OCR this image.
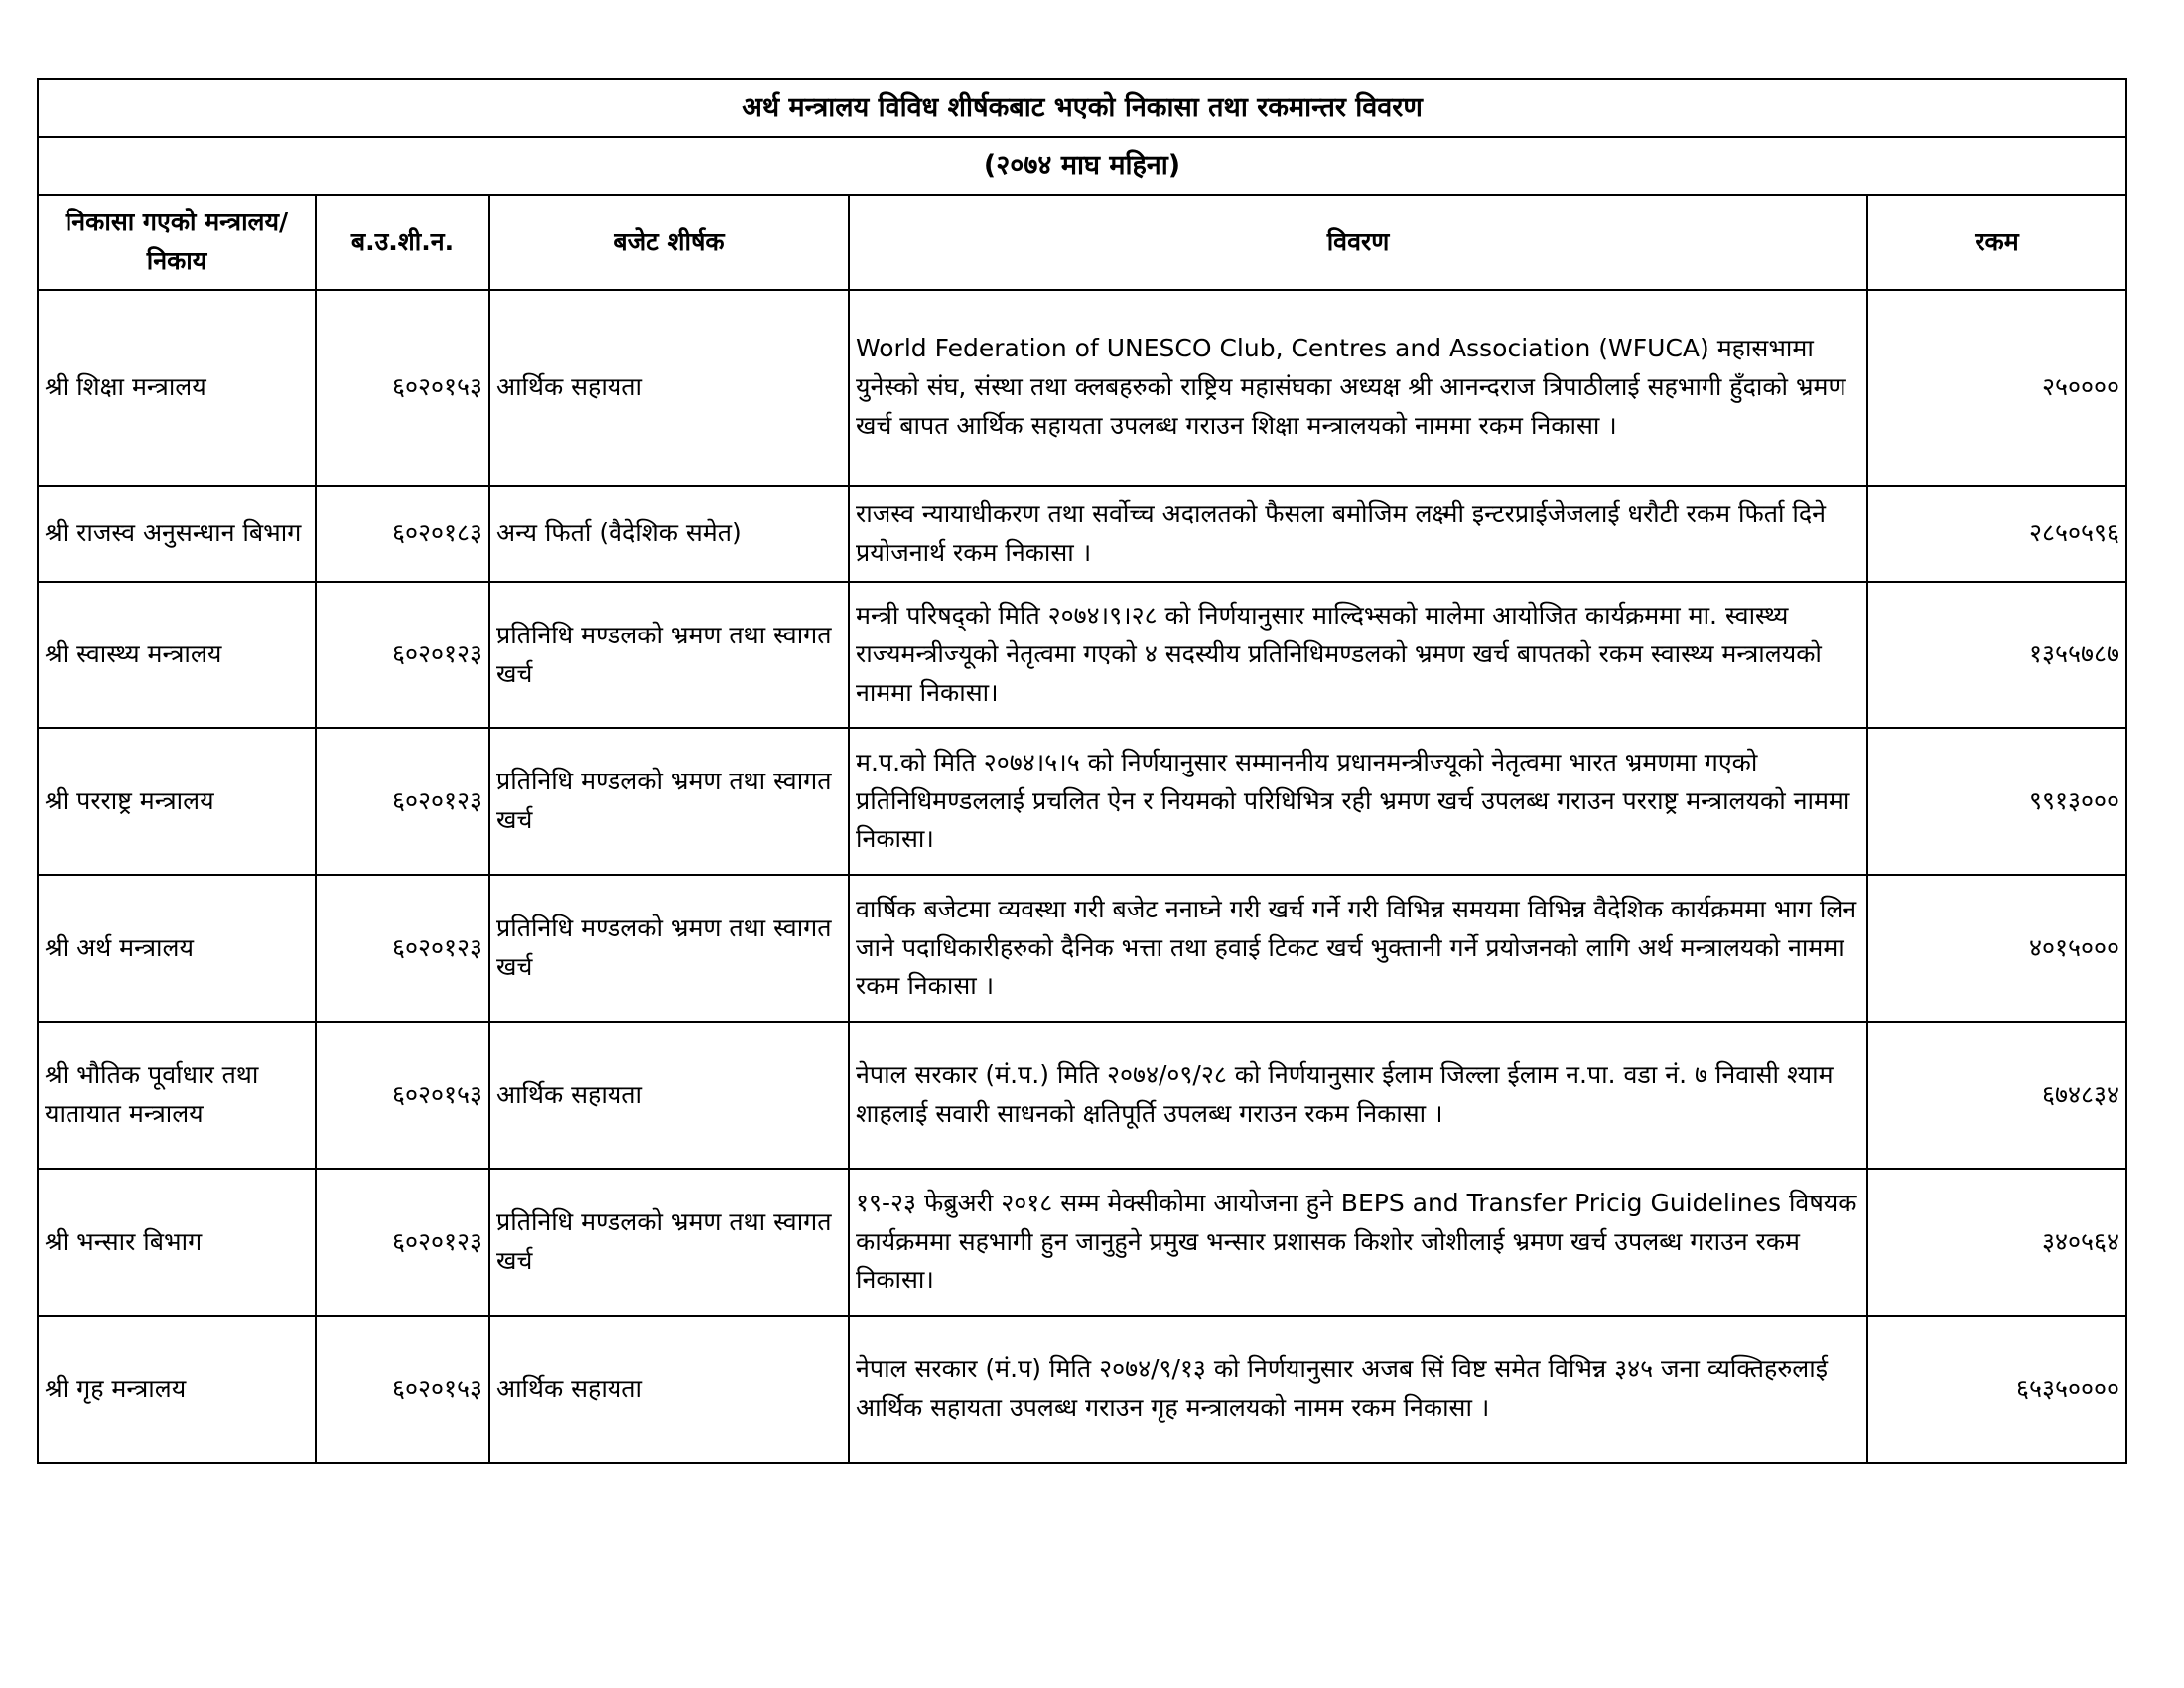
अर्थ मन्त्रालय विविध शीर्षकबाट भएको निकासा तथा रकमान्तर विवरण				
(२०७४ माघ महिना)				
निकासा गएको मन्त्रालय/निकाय	ब.उ.शी.न.	बजेट शीर्षक	विवरण	रकम
श्री शिक्षा मन्त्रालय	६०२०१५३	आर्थिक सहायता	World Federation of UNESCO Club, Centres and Association (WFUCA) महासभामा युनेस्को संघ, संस्था तथा क्लबहरुको राष्ट्रिय महासंघका अध्यक्ष श्री आनन्दराज त्रिपाठीलाई सहभागी हुँदाको भ्रमण खर्च बापत आर्थिक सहायता उपलब्ध गराउन शिक्षा मन्त्रालयको नाममा रकम निकासा ।	२५००००
श्री राजस्व अनुसन्धान बिभाग	६०२०१८३	अन्य फिर्ता (वैदेशिक समेत)	राजस्व न्यायाधीकरण तथा सर्वोच्च अदालतको फैसला बमोजिम लक्ष्मी इन्टरप्राईजेजलाई धरौटी रकम फिर्ता दिने प्रयोजनार्थ रकम निकासा ।	२८५०५९६
श्री स्वास्थ्य मन्त्रालय	६०२०१२३	प्रतिनिधि मण्डलको भ्रमण तथा स्वागत खर्च	मन्त्री परिषद्को मिति २०७४।९।२८ को निर्णयानुसार माल्दिभ्सको मालेमा आयोजित कार्यक्रममा मा. स्वास्थ्य राज्यमन्त्रीज्यूको नेतृत्वमा गएको ४ सदस्यीय प्रतिनिधिमण्डलको भ्रमण खर्च बापतको रकम स्वास्थ्य मन्त्रालयको नाममा निकासा।	१३५५७८७
श्री परराष्ट्र मन्त्रालय	६०२०१२३	प्रतिनिधि मण्डलको भ्रमण तथा स्वागत खर्च	म.प.को मिति २०७४।५।५ को निर्णयानुसार सम्माननीय प्रधानमन्त्रीज्यूको नेतृत्वमा भारत भ्रमणमा गएको प्रतिनिधिमण्डललाई प्रचलित ऐन र नियमको परिधिभित्र रही भ्रमण खर्च उपलब्ध गराउन परराष्ट्र मन्त्रालयको नाममा निकासा।	९९१३०००
श्री अर्थ मन्त्रालय	६०२०१२३	प्रतिनिधि मण्डलको भ्रमण तथा स्वागत खर्च	वार्षिक बजेटमा व्यवस्था गरी बजेट ननाघ्ने गरी खर्च गर्ने गरी विभिन्न समयमा विभिन्न वैदेशिक कार्यक्रममा भाग लिन जाने पदाधिकारीहरुको दैनिक भत्ता तथा हवाई टिकट खर्च भुक्तानी गर्ने प्रयोजनको लागि अर्थ मन्त्रालयको नाममा रकम निकासा ।	४०१५०००
श्री भौतिक पूर्वाधार तथा यातायात मन्त्रालय	६०२०१५३	आर्थिक सहायता	नेपाल सरकार (मं.प.) मिति २०७४/०९/२८ को निर्णयानुसार ईलाम जिल्ला ईलाम न.पा. वडा नं. ७ निवासी श्याम शाहलाई सवारी साधनको क्षतिपूर्ति उपलब्ध गराउन रकम निकासा ।	६७४८३४
श्री भन्सार बिभाग	६०२०१२३	प्रतिनिधि मण्डलको भ्रमण तथा स्वागत खर्च	१९-२३ फेब्रुअरी २०१८ सम्म मेक्सीकोमा आयोजना हुने BEPS and Transfer Pricig Guidelines विषयक कार्यक्रममा सहभागी हुन जानुहुने प्रमुख भन्सार प्रशासक किशोर जोशीलाई भ्रमण खर्च उपलब्ध गराउन रकम निकासा।	३४०५६४
श्री गृह मन्त्रालय	६०२०१५३	आर्थिक सहायता	नेपाल सरकार (मं.प) मिति २०७४/९/१३ को निर्णयानुसार अजब सिं विष्ट समेत विभिन्न ३४५ जना व्यक्तिहरुलाई आर्थिक सहायता उपलब्ध गराउन गृह मन्त्रालयको नामम रकम निकासा ।	६५३५००००
